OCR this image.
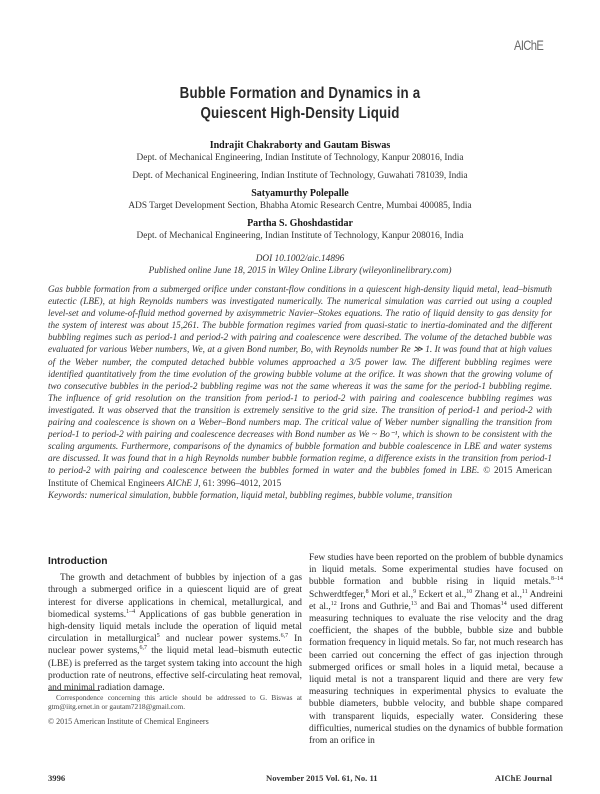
AIChE
Bubble Formation and Dynamics in a
Quiescent High-Density Liquid
Indrajit Chakraborty and Gautam Biswas
Dept. of Mechanical Engineering, Indian Institute of Technology, Kanpur 208016, India
Dept. of Mechanical Engineering, Indian Institute of Technology, Guwahati 781039, India
Satyamurthy Polepalle
ADS Target Development Section, Bhabha Atomic Research Centre, Mumbai 400085, India
Partha S. Ghoshdastidar
Dept. of Mechanical Engineering, Indian Institute of Technology, Kanpur 208016, India
DOI 10.1002/aic.14896
Published online June 18, 2015 in Wiley Online Library (wileyonlinelibrary.com)
Gas bubble formation from a submerged orifice under constant-flow conditions in a quiescent high-density liquid metal, lead–bismuth eutectic (LBE), at high Reynolds numbers was investigated numerically. The numerical simulation was carried out using a coupled level-set and volume-of-fluid method governed by axisymmetric Navier–Stokes equations. The ratio of liquid density to gas density for the system of interest was about 15,261. The bubble formation regimes varied from quasi-static to inertia-dominated and the different bubbling regimes such as period-1 and period-2 with pairing and coalescence were described. The volume of the detached bubble was evaluated for various Weber numbers, We, at a given Bond number, Bo, with Reynolds number Re ≫ 1. It was found that at high values of the Weber number, the computed detached bubble volumes approached a 3/5 power law. The different bubbling regimes were identified quantitatively from the time evolution of the growing bubble volume at the orifice. It was shown that the growing volume of two consecutive bubbles in the period-2 bubbling regime was not the same whereas it was the same for the period-1 bubbling regime. The influence of grid resolution on the transition from period-1 to period-2 with pairing and coalescence bubbling regimes was investigated. It was observed that the transition is extremely sensitive to the grid size. The transition of period-1 and period-2 with pairing and coalescence is shown on a Weber–Bond numbers map. The critical value of Weber number signalling the transition from period-1 to period-2 with pairing and coalescence decreases with Bond number as We ~ Bo⁻¹, which is shown to be consistent with the scaling arguments. Furthermore, comparisons of the dynamics of bubble formation and bubble coalescence in LBE and water systems are discussed. It was found that in a high Reynolds number bubble formation regime, a difference exists in the transition from period-1 to period-2 with pairing and coalescence between the bubbles formed in water and the bubbles fomed in LBE. © 2015 American Institute of Chemical Engineers AIChE J, 61: 3996–4012, 2015
Keywords: numerical simulation, bubble formation, liquid metal, bubbling regimes, bubble volume, transition
Introduction

The growth and detachment of bubbles by injection of a gas through a submerged orifice in a quiescent liquid are of great interest for diverse applications in chemical, metallurgical, and biomedical systems.$^{1-4}$ Applications of gas bubble generation in high-density liquid metals include the operation of liquid metal circulation in metallurgical$^5$ and nuclear power systems.$^{6,7}$ In nuclear power systems,$^{6,7}$ the liquid metal lead–bismuth eutectic (LBE) is preferred as the target system taking into account the high production rate of neutrons, effective self-circulating heat removal, and minimal radiation damage.

Correspondence concerning this article should be addressed to G. Biswas at gtm@iitg.ernet.in or gautam7218@gmail.com.
© 2015 American Institute of Chemical Engineers

Few studies have been reported on the problem of bubble dynamics in liquid metals. Some experimental studies have focused on bubble formation and bubble rising in liquid metals.$^{8-14}$ Schwerdtfeger,$^8$ Mori et al.,$^9$ Eckert et al.,$^{10}$ Zhang et al.,$^{11}$ Andreini et al.,$^{12}$ Irons and Guthrie,$^{13}$ and Bai and Thomas$^{14}$ used different measuring techniques to evaluate the rise velocity and the drag coefficient, the shapes of the bubble, bubble size and bubble formation frequency in liquid metals. So far, not much research has been carried out concerning the effect of gas injection through submerged orifices or small holes in a liquid metal, because a liquid metal is not a transparent liquid and there are very few measuring techniques in experimental physics to evaluate the bubble diameters, bubble velocity, and bubble shape compared with transparent liquids, especially water. Considering these difficulties, numerical studies on the dynamics of bubble formation from an orifice in

3996	November 2015 Vol. 61, No. 11	AIChE Journal
